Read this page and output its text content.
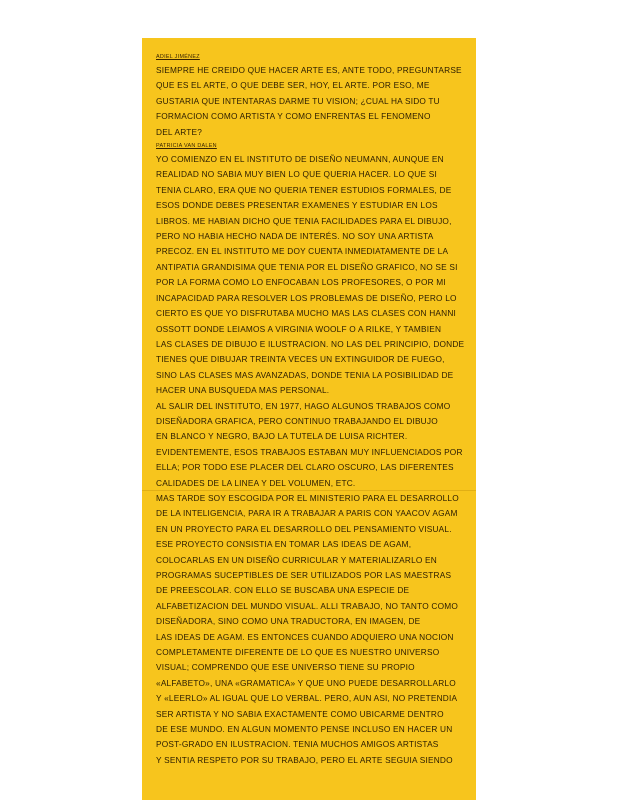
ADIEL JIMÉNEZ
SIEMPRE HE CREIDO QUE HACER ARTE ES, ANTE TODO, PREGUNTARSE
QUE ES EL ARTE, O QUE DEBE SER, HOY, EL ARTE. POR ESO, ME
GUSTARIA QUE INTENTARAS DARME TU VISION; ¿CUAL HA SIDO TU
FORMACION COMO ARTISTA Y COMO ENFRENTAS EL FENOMENO
DEL ARTE?
PATRICIA VAN DALEN
YO COMIENZO EN EL INSTITUTO DE DISEÑO NEUMANN, AUNQUE EN
REALIDAD NO SABIA MUY BIEN LO QUE QUERIA HACER. LO QUE SI
TENIA CLARO, ERA QUE NO QUERIA TENER ESTUDIOS FORMALES, DE
ESOS DONDE DEBES PRESENTAR EXAMENES Y ESTUDIAR EN LOS
LIBROS. ME HABIAN DICHO QUE TENIA FACILIDADES PARA EL DIBUJO,
PERO NO HABIA HECHO NADA DE INTERÉS. NO SOY UNA ARTISTA
PRECOZ. EN EL INSTITUTO ME DOY CUENTA INMEDIATAMENTE DE LA
ANTIPATIA GRANDISIMA QUE TENIA POR EL DISEÑO GRAFICO, NO SE SI
POR LA FORMA COMO LO ENFOCABAN LOS PROFESORES, O POR MI
INCAPACIDAD PARA RESOLVER LOS PROBLEMAS DE DISEÑO, PERO LO
CIERTO ES QUE YO DISFRUTABA MUCHO MAS LAS CLASES CON HANNI
OSSOTT DONDE LEIAMOS A VIRGINIA WOOLF O A RILKE, Y TAMBIEN
LAS CLASES DE DIBUJO E ILUSTRACION. NO LAS DEL PRINCIPIO, DONDE
TIENES QUE DIBUJAR TREINTA VECES UN EXTINGUIDOR DE FUEGO,
SINO LAS CLASES MAS AVANZADAS, DONDE TENIA LA POSIBILIDAD DE
HACER UNA BUSQUEDA MAS PERSONAL.
AL SALIR DEL INSTITUTO, EN 1977, HAGO ALGUNOS TRABAJOS COMO
DISEÑADORA GRAFICA, PERO CONTINUO TRABAJANDO EL DIBUJO
EN BLANCO Y NEGRO, BAJO LA TUTELA DE LUISA RICHTER.
EVIDENTEMENTE, ESOS TRABAJOS ESTABAN MUY INFLUENCIADOS POR
ELLA; POR TODO ESE PLACER DEL CLARO OSCURO, LAS DIFERENTES
CALIDADES DE LA LINEA Y DEL VOLUMEN, ETC.
MAS TARDE SOY ESCOGIDA POR EL MINISTERIO PARA EL DESARROLLO
DE LA INTELIGENCIA, PARA IR A TRABAJAR A PARIS CON YAACOV AGAM
EN UN PROYECTO PARA EL DESARROLLO DEL PENSAMIENTO VISUAL.
ESE PROYECTO CONSISTIA EN TOMAR LAS IDEAS DE AGAM,
COLOCARLAS EN UN DISEÑO CURRICULAR Y MATERIALIZARLO EN
PROGRAMAS SUCEPTIBLES DE SER UTILIZADOS POR LAS MAESTRAS
DE PREESCOLAR. CON ELLO SE BUSCABA UNA ESPECIE DE
ALFABETIZACION DEL MUNDO VISUAL. ALLI TRABAJO, NO TANTO COMO
DISEÑADORA, SINO COMO UNA TRADUCTORA, EN IMAGEN, DE
LAS IDEAS DE AGAM. ES ENTONCES CUANDO ADQUIERO UNA NOCION
COMPLETAMENTE DIFERENTE DE LO QUE ES NUESTRO UNIVERSO
VISUAL; COMPRENDO QUE ESE UNIVERSO TIENE SU PROPIO
«ALFABETO», UNA «GRAMATICA» Y QUE UNO PUEDE DESARROLLARLO
Y «LEERLO» AL IGUAL QUE LO VERBAL. PERO, AUN ASI, NO PRETENDIA
SER ARTISTA Y NO SABIA EXACTAMENTE COMO UBICARME DENTRO
DE ESE MUNDO. EN ALGUN MOMENTO PENSE INCLUSO EN HACER UN
POST-GRADO EN ILUSTRACION. TENIA MUCHOS AMIGOS ARTISTAS
Y SENTIA RESPETO POR SU TRABAJO, PERO EL ARTE SEGUIA SIENDO
